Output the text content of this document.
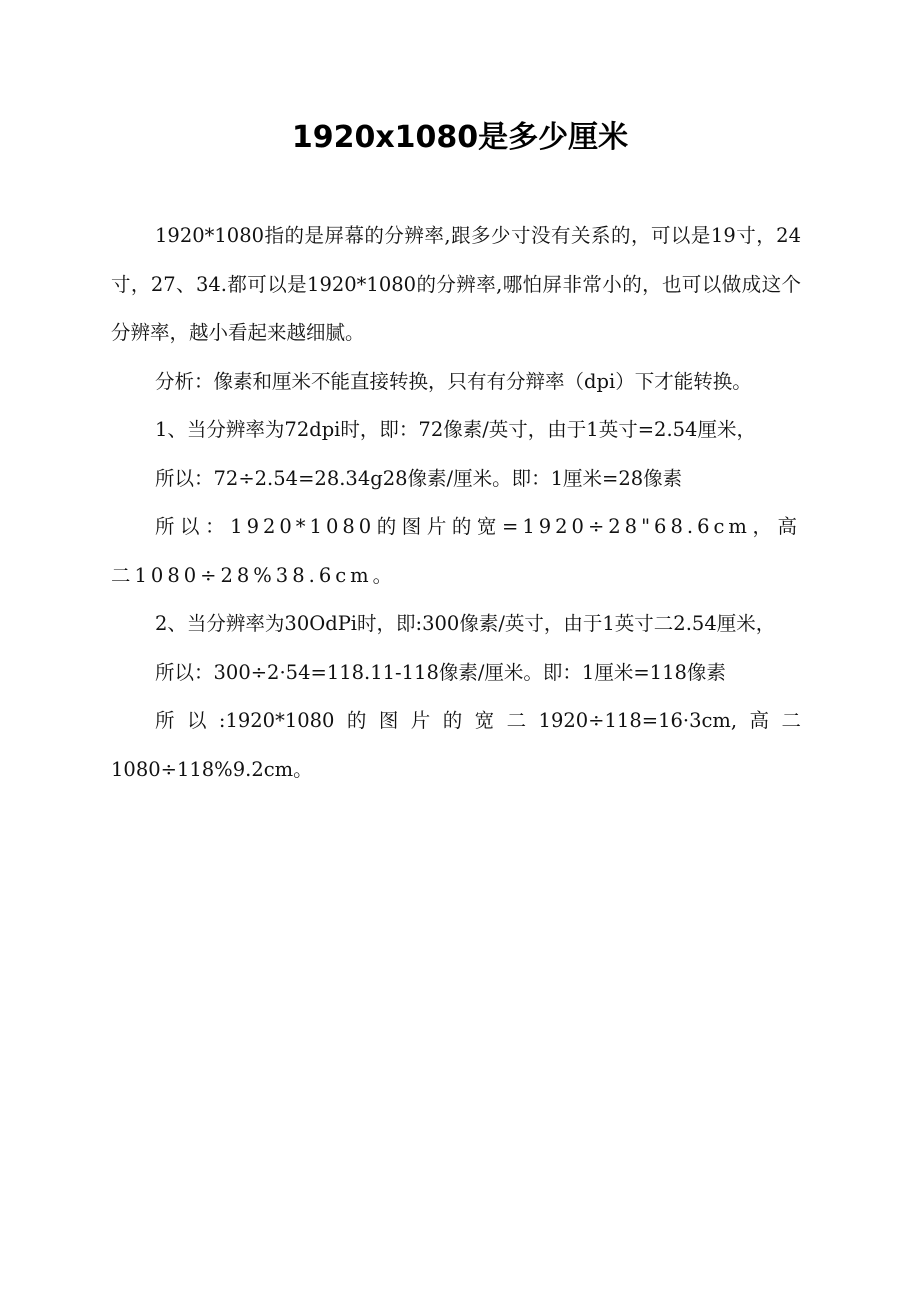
1920x1080是多少厘米

1920*1080指的是屏幕的分辨率,跟多少寸没有关系的，可以是19寸，24寸，27、34.都可以是1920*1080的分辨率,哪怕屏非常小的，也可以做成这个分辨率，越小看起来越细腻。

分析：像素和厘米不能直接转换，只有有分辩率（dpi）下才能转换。

1、当分辨率为72dpi时，即：72像素/英寸，由于1英寸=2.54厘米，

所以：72÷2.54=28.34g28像素/厘米。即：1厘米=28像素

所以：1920*1080的图片的宽=1920÷28"68.6cm，高二1080÷28%38.6cm。

2、当分辨率为30OdPi时，即:300像素/英寸，由于1英寸二2.54厘米，

所以：300÷2·54=118.11-118像素/厘米。即：1厘米=118像素

所以:1920*1080的图片的宽二1920÷118=16·3cm,高二1080÷118%9.2cm。
